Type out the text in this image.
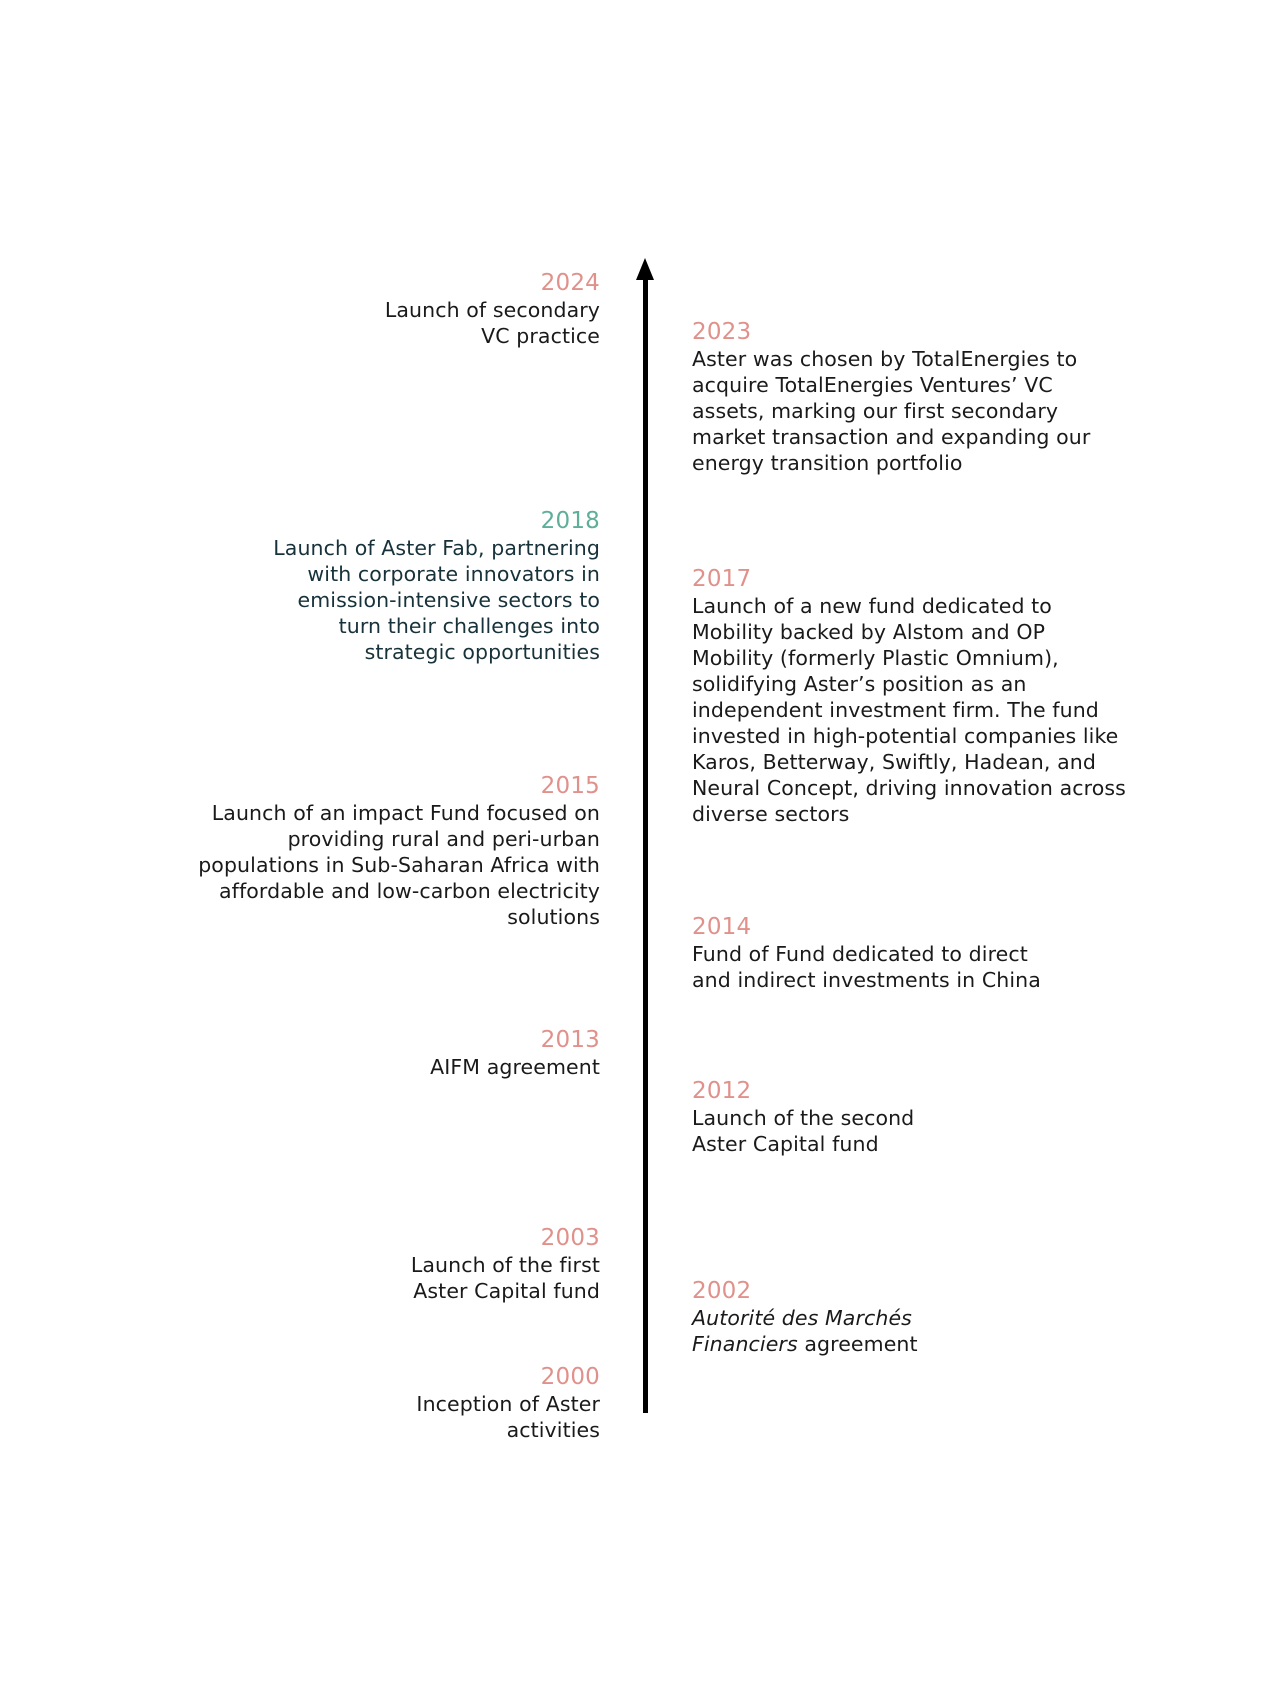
2024
Launch of secondary
VC practice
2018
Launch of Aster Fab, partnering
with corporate innovators in
emission-intensive sectors to
turn their challenges into
strategic opportunities
2015
Launch of an impact Fund focused on
providing rural and peri-urban
populations in Sub-Saharan Africa with
affordable and low-carbon electricity
solutions
2013
AIFM agreement
2003
Launch of the first
Aster Capital fund
2000
Inception of Aster
activities
2023
Aster was chosen by TotalEnergies to
acquire TotalEnergies Ventures’ VC
assets, marking our first secondary
market transaction and expanding our
energy transition portfolio
2017
Launch of a new fund dedicated to
Mobility backed by Alstom and OP
Mobility (formerly Plastic Omnium),
solidifying Aster’s position as an
independent investment firm. The fund
invested in high-potential companies like
Karos, Betterway, Swiftly, Hadean, and
Neural Concept, driving innovation across
diverse sectors
2014
Fund of Fund dedicated to direct
and indirect investments in China
2012
Launch of the second
Aster Capital fund
2002
Autorité des Marchés
Financiers agreement
